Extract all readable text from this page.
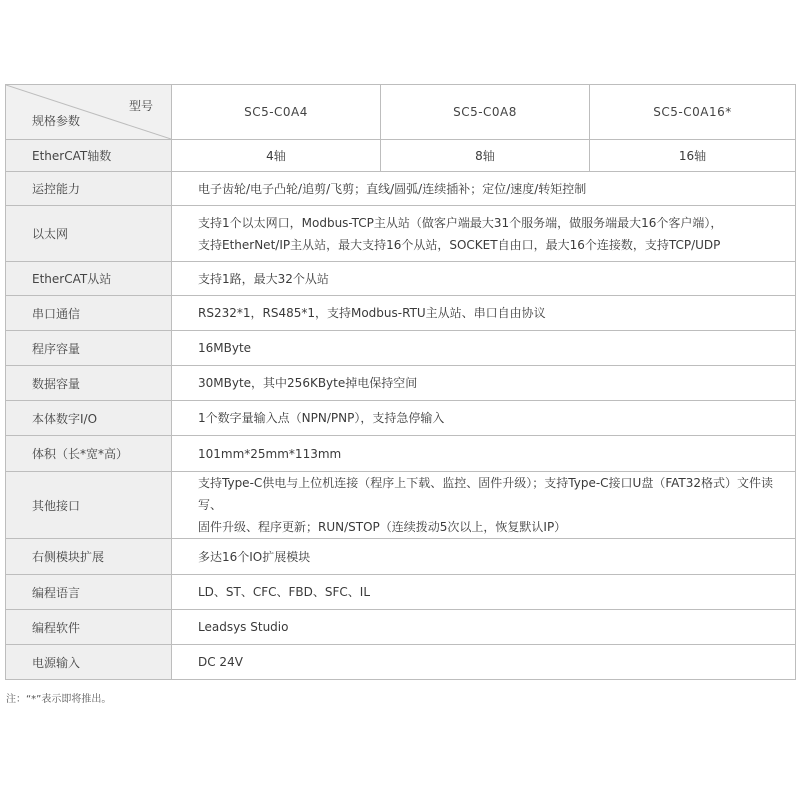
型号
规格参数	SC5-C0A4	SC5-C0A8	SC5-C0A16*
EtherCAT轴数	4轴	8轴	16轴
运控能力	电子齿轮/电子凸轮/追剪/飞剪；直线/圆弧/连续插补；定位/速度/转矩控制		
以太网	支持1个以太网口，Modbus-TCP主从站（做客户端最大31个服务端，做服务端最大16个客户端），
支持EtherNet/IP主从站，最大支持16个从站，SOCKET自由口，最大16个连接数，支持TCP/UDP		

EtherCAT从站	支持1路，最大32个从站		
串口通信	RS232*1，RS485*1，支持Modbus-RTU主从站、串口自由协议		
程序容量	16MByte		
数据容量	30MByte，其中256KByte掉电保持空间		
本体数字I/O	1个数字量输入点（NPN/PNP），支持急停输入		
体积（长*宽*高）	101mm*25mm*113mm		
其他接口	支持Type-C供电与上位机连接（程序上下载、监控、固件升级）；支持Type-C接口U盘（FAT32格式）文件读写、
固件升级、程序更新；RUN/STOP（连续拨动5次以上，恢复默认IP）		

右侧模块扩展	多达16个IO扩展模块		
编程语言	LD、ST、CFC、FBD、SFC、IL		
编程软件	Leadsys Studio		
电源输入	DC 24V		
注：“*”表示即将推出。
